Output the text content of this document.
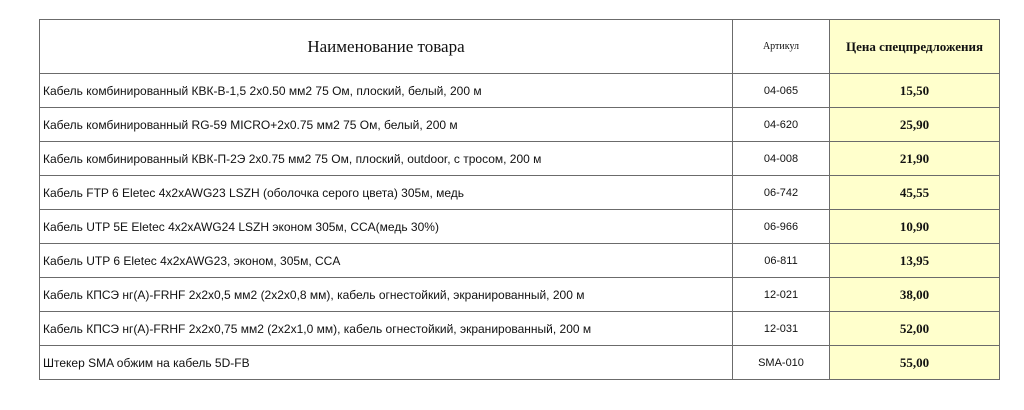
Наименование товара	Артикул	Цена спецпредложения
Кабель комбинированный КВК-В-1,5 2х0.50 мм2 75 Ом, плоский, белый, 200 м	04-065	15,50
Кабель комбинированный RG-59 MICRO+2х0.75 мм2 75 Ом, белый, 200 м	04-620	25,90
Кабель комбинированный КВК-П-2Э 2х0.75 мм2 75 Ом, плоский, outdoor, с тросом, 200 м	04-008	21,90
Кабель FTP 6 Eletec 4x2xAWG23 LSZH (оболочка серого цвета) 305м, медь	06-742	45,55
Кабель UTP 5E Eletec 4x2xAWG24 LSZH эконом 305м, CCA(медь 30%)	06-966	10,90
Кабель UTP 6 Eletec 4x2xAWG23, эконом, 305м, CCA	06-811	13,95
Кабель КПСЭ нг(А)-FRHF 2х2х0,5 мм2 (2х2х0,8 мм), кабель огнестойкий, экранированный, 200 м	12-021	38,00
Кабель КПСЭ нг(А)-FRHF 2х2х0,75 мм2 (2х2х1,0 мм), кабель огнестойкий, экранированный, 200 м	12-031	52,00
Штекер SMA обжим на кабель 5D-FB	SMA-010	55,00
